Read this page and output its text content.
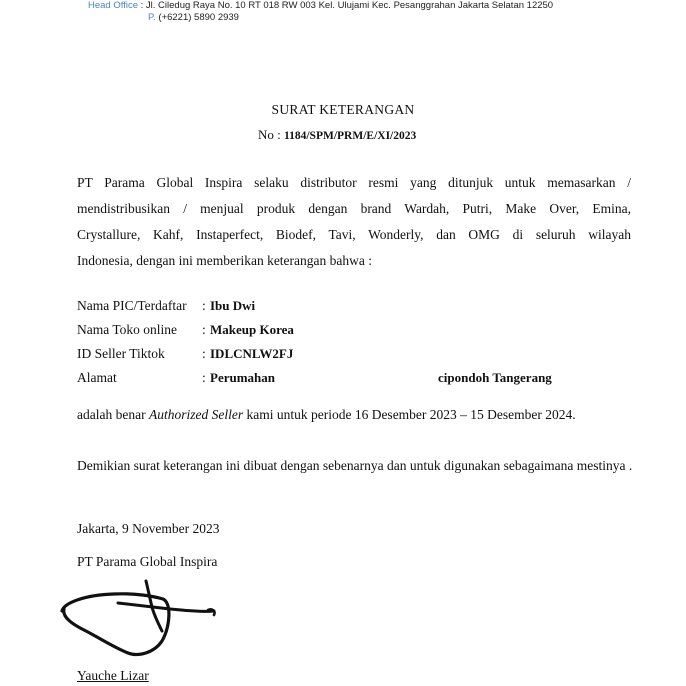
Head Office : Jl. Ciledug Raya No. 10 RT 018 RW 003 Kel. Ulujami Kec. Pesanggrahan Jakarta Selatan 12250
P. (+6221) 5890 2939
SURAT KETERANGAN
No : 1184/SPM/PRM/E/XI/2023
PT Parama Global Inspira selaku distributor resmi yang ditunjuk untuk memasarkan /
mendistribusikan / menjual produk dengan brand Wardah, Putri, Make Over, Emina,
Crystallure, Kahf, Instaperfect, Biodef, Tavi, Wonderly, dan OMG di seluruh wilayah
Indonesia, dengan ini memberikan keterangan bahwa :
Nama PIC/Terdaftar	: Ibu Dwi
Nama Toko online	: Makeup Korea
ID Seller Tiktok	: IDLCNLW2FJ
Alamat	: Perumahan	cipondoh Tangerang
adalah benar Authorized Seller kami untuk periode 16 Desember 2023 – 15 Desember 2024.
Demikian surat keterangan ini dibuat dengan sebenarnya dan untuk digunakan sebagaimana mestinya .
Jakarta, 9 November 2023
PT Parama Global Inspira
Yauche Lizar
